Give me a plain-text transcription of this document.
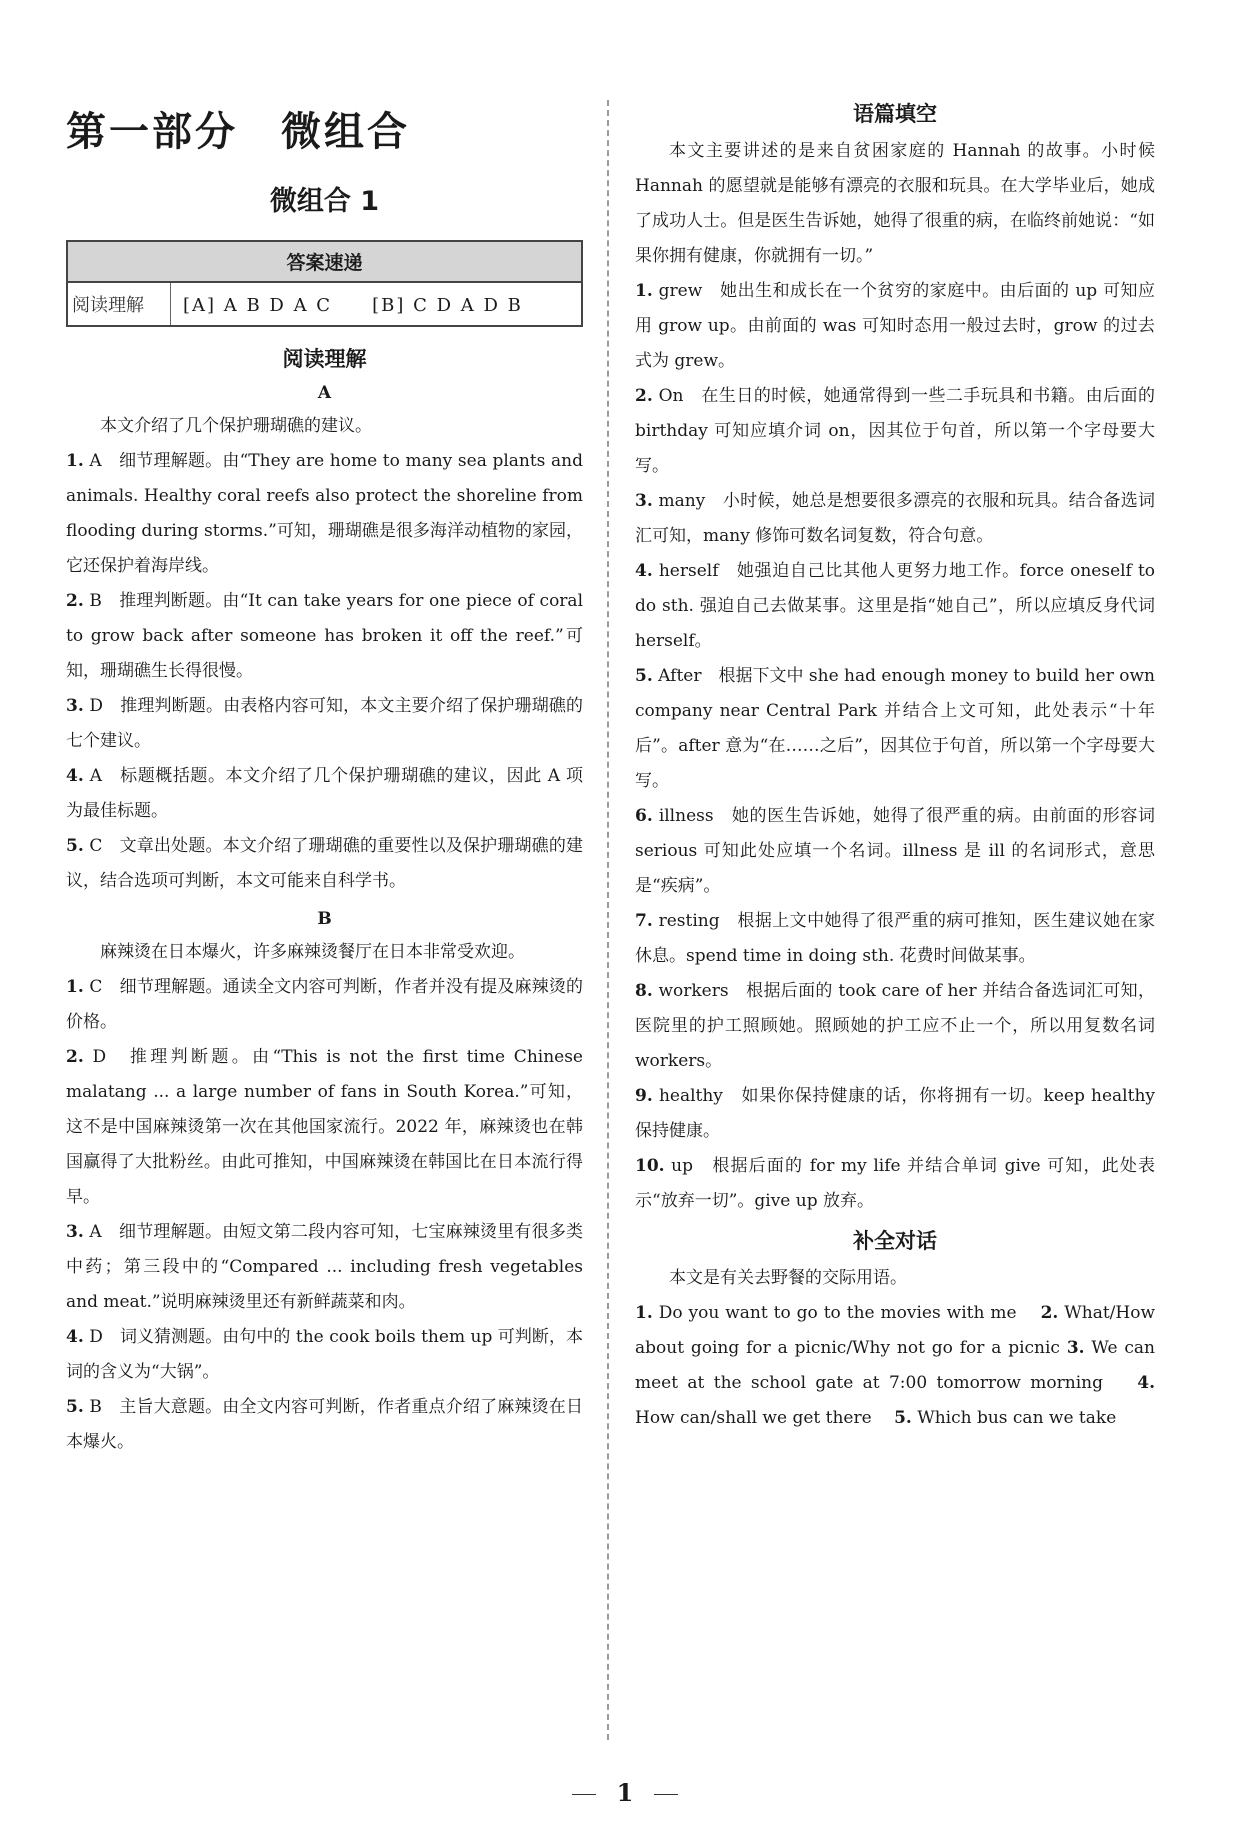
第一部分　微组合
微组合 1
答案速递
阅读理解	[A] A B D A C　　[B] C D A D B
阅读理解
A

本文介绍了几个保护珊瑚礁的建议。

1. A　细节理解题。由“They are home to many sea plants and animals. Healthy coral reefs also protect the shoreline from flooding during storms.”可知，珊瑚礁是很多海洋动植物的家园，它还保护着海岸线。

2. B　推理判断题。由“It can take years for one piece of coral to grow back after someone has broken it off the reef.”可知，珊瑚礁生长得很慢。

3. D　推理判断题。由表格内容可知，本文主要介绍了保护珊瑚礁的七个建议。

4. A　标题概括题。本文介绍了几个保护珊瑚礁的建议，因此 A 项为最佳标题。

5. C　文章出处题。本文介绍了珊瑚礁的重要性以及保护珊瑚礁的建议，结合选项可判断，本文可能来自科学书。

B

麻辣烫在日本爆火，许多麻辣烫餐厅在日本非常受欢迎。

1. C　细节理解题。通读全文内容可判断，作者并没有提及麻辣烫的价格。

2. D　推理判断题。由“This is not the first time Chinese malatang ... a large number of fans in South Korea.”可知，这不是中国麻辣烫第一次在其他国家流行。2022 年，麻辣烫也在韩国赢得了大批粉丝。由此可推知，中国麻辣烫在韩国比在日本流行得早。

3. A　细节理解题。由短文第二段内容可知，七宝麻辣烫里有很多类中药；第三段中的“Compared ... including fresh vegetables and meat.”说明麻辣烫里还有新鲜蔬菜和肉。

4. D　词义猜测题。由句中的 the cook boils them up 可判断，本词的含义为“大锅”。

5. B　主旨大意题。由全文内容可判断，作者重点介绍了麻辣烫在日本爆火。

语篇填空

本文主要讲述的是来自贫困家庭的 Hannah 的故事。小时候 Hannah 的愿望就是能够有漂亮的衣服和玩具。在大学毕业后，她成了成功人士。但是医生告诉她，她得了很重的病，在临终前她说：“如果你拥有健康，你就拥有一切。”

1. grew　她出生和成长在一个贫穷的家庭中。由后面的 up 可知应用 grow up。由前面的 was 可知时态用一般过去时，grow 的过去式为 grew。

2. On　在生日的时候，她通常得到一些二手玩具和书籍。由后面的 birthday 可知应填介词 on，因其位于句首，所以第一个字母要大写。

3. many　小时候，她总是想要很多漂亮的衣服和玩具。结合备选词汇可知，many 修饰可数名词复数，符合句意。

4. herself　她强迫自己比其他人更努力地工作。force oneself to do sth. 强迫自己去做某事。这里是指“她自己”，所以应填反身代词 herself。

5. After　根据下文中 she had enough money to build her own company near Central Park 并结合上文可知，此处表示“十年后”。after 意为“在……之后”，因其位于句首，所以第一个字母要大写。

6. illness　她的医生告诉她，她得了很严重的病。由前面的形容词 serious 可知此处应填一个名词。illness 是 ill 的名词形式，意思是“疾病”。

7. resting　根据上文中她得了很严重的病可推知，医生建议她在家休息。spend time in doing sth. 花费时间做某事。

8. workers　根据后面的 took care of her 并结合备选词汇可知，医院里的护工照顾她。照顾她的护工应不止一个，所以用复数名词 workers。

9. healthy　如果你保持健康的话，你将拥有一切。keep healthy 保持健康。

10. up　根据后面的 for my life 并结合单词 give 可知，此处表示“放弃一切”。give up 放弃。

补全对话

本文是有关去野餐的交际用语。

1. Do you want to go to the movies with me　 2. What/How about going for a picnic/Why not go for a picnic 3. We can meet at the school gate at 7:00 tomorrow morning　 4. How can/shall we get there　 5. Which bus can we take

1
